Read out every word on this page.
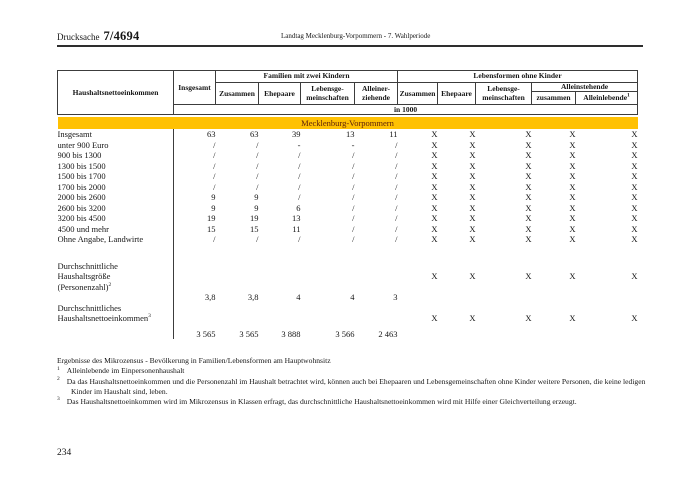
Drucksache 7/4694	Landtag Mecklenburg-Vorpommern - 7. Wahlperiode
Haushaltsnettoeinkommen	Insgesamt	Familien mit zwei Kindern				Lebensformen ohne Kinder				
		Zusammen	Ehepaare	Lebensge-meinschaften	Alleiner-ziehende	Zusammen	Ehepaare	Lebensge-meinschaften	Alleinstehende	
									zusammen	Alleinlebende$^1$
	in 1000									

Mecklenburg-Vorpommern										
Insgesamt	63	63	39	13	11	X	X	X	X	X
unter 900 Euro	/	/	-	-	/	X	X	X	X	X
900 bis 1300	/	/	/	/	/	X	X	X	X	X
1300 bis 1500	/	/	/	/	/	X	X	X	X	X
1500 bis 1700	/	/	/	/	/	X	X	X	X	X
1700 bis 2000	/	/	/	/	/	X	X	X	X	X
2000 bis 2600	9	9	/	/	/	X	X	X	X	X
2600 bis 3200	9	9	6	/	/	X	X	X	X	X
3200 bis 4500	19	19	13	/	/	X	X	X	X	X
4500 und mehr	15	15	11	/	/	X	X	X	X	X
Ohne Angabe, Landwirte	/	/	/	/	/	X	X	X	X	X

Durchschnittliche										
Haushaltsgröße						X	X	X	X	X
(Personenzahl)$^2$	
	3,8	3,8	4	4	3					
Durchschnittliches										
Haushaltsnettoeinkommen$^3$						X	X	X	X	X

	3 565	3 565	3 888	3 566	2 463					
Ergebnisse des Mikrozensus - Bevölkerung in Familien/Lebensformen am Hauptwohnsitz
$^1$ Alleinlebende im Einpersonenhaushalt
$^2$ Da das Haushaltsnettoeinkommen und die Personenzahl im Haushalt betrachtet wird, können auch bei Ehepaaren und Lebensgemeinschaften ohne Kinder weitere Personen, die keine ledigen Kinder im Haushalt sind, leben.
$^3$ Das Haushaltsnettoeinkommen wird im Mikrozensus in Klassen erfragt, das durchschnittliche Haushaltsnettoeinkommen wird mit Hilfe einer Gleichverteilung erzeugt.
234
